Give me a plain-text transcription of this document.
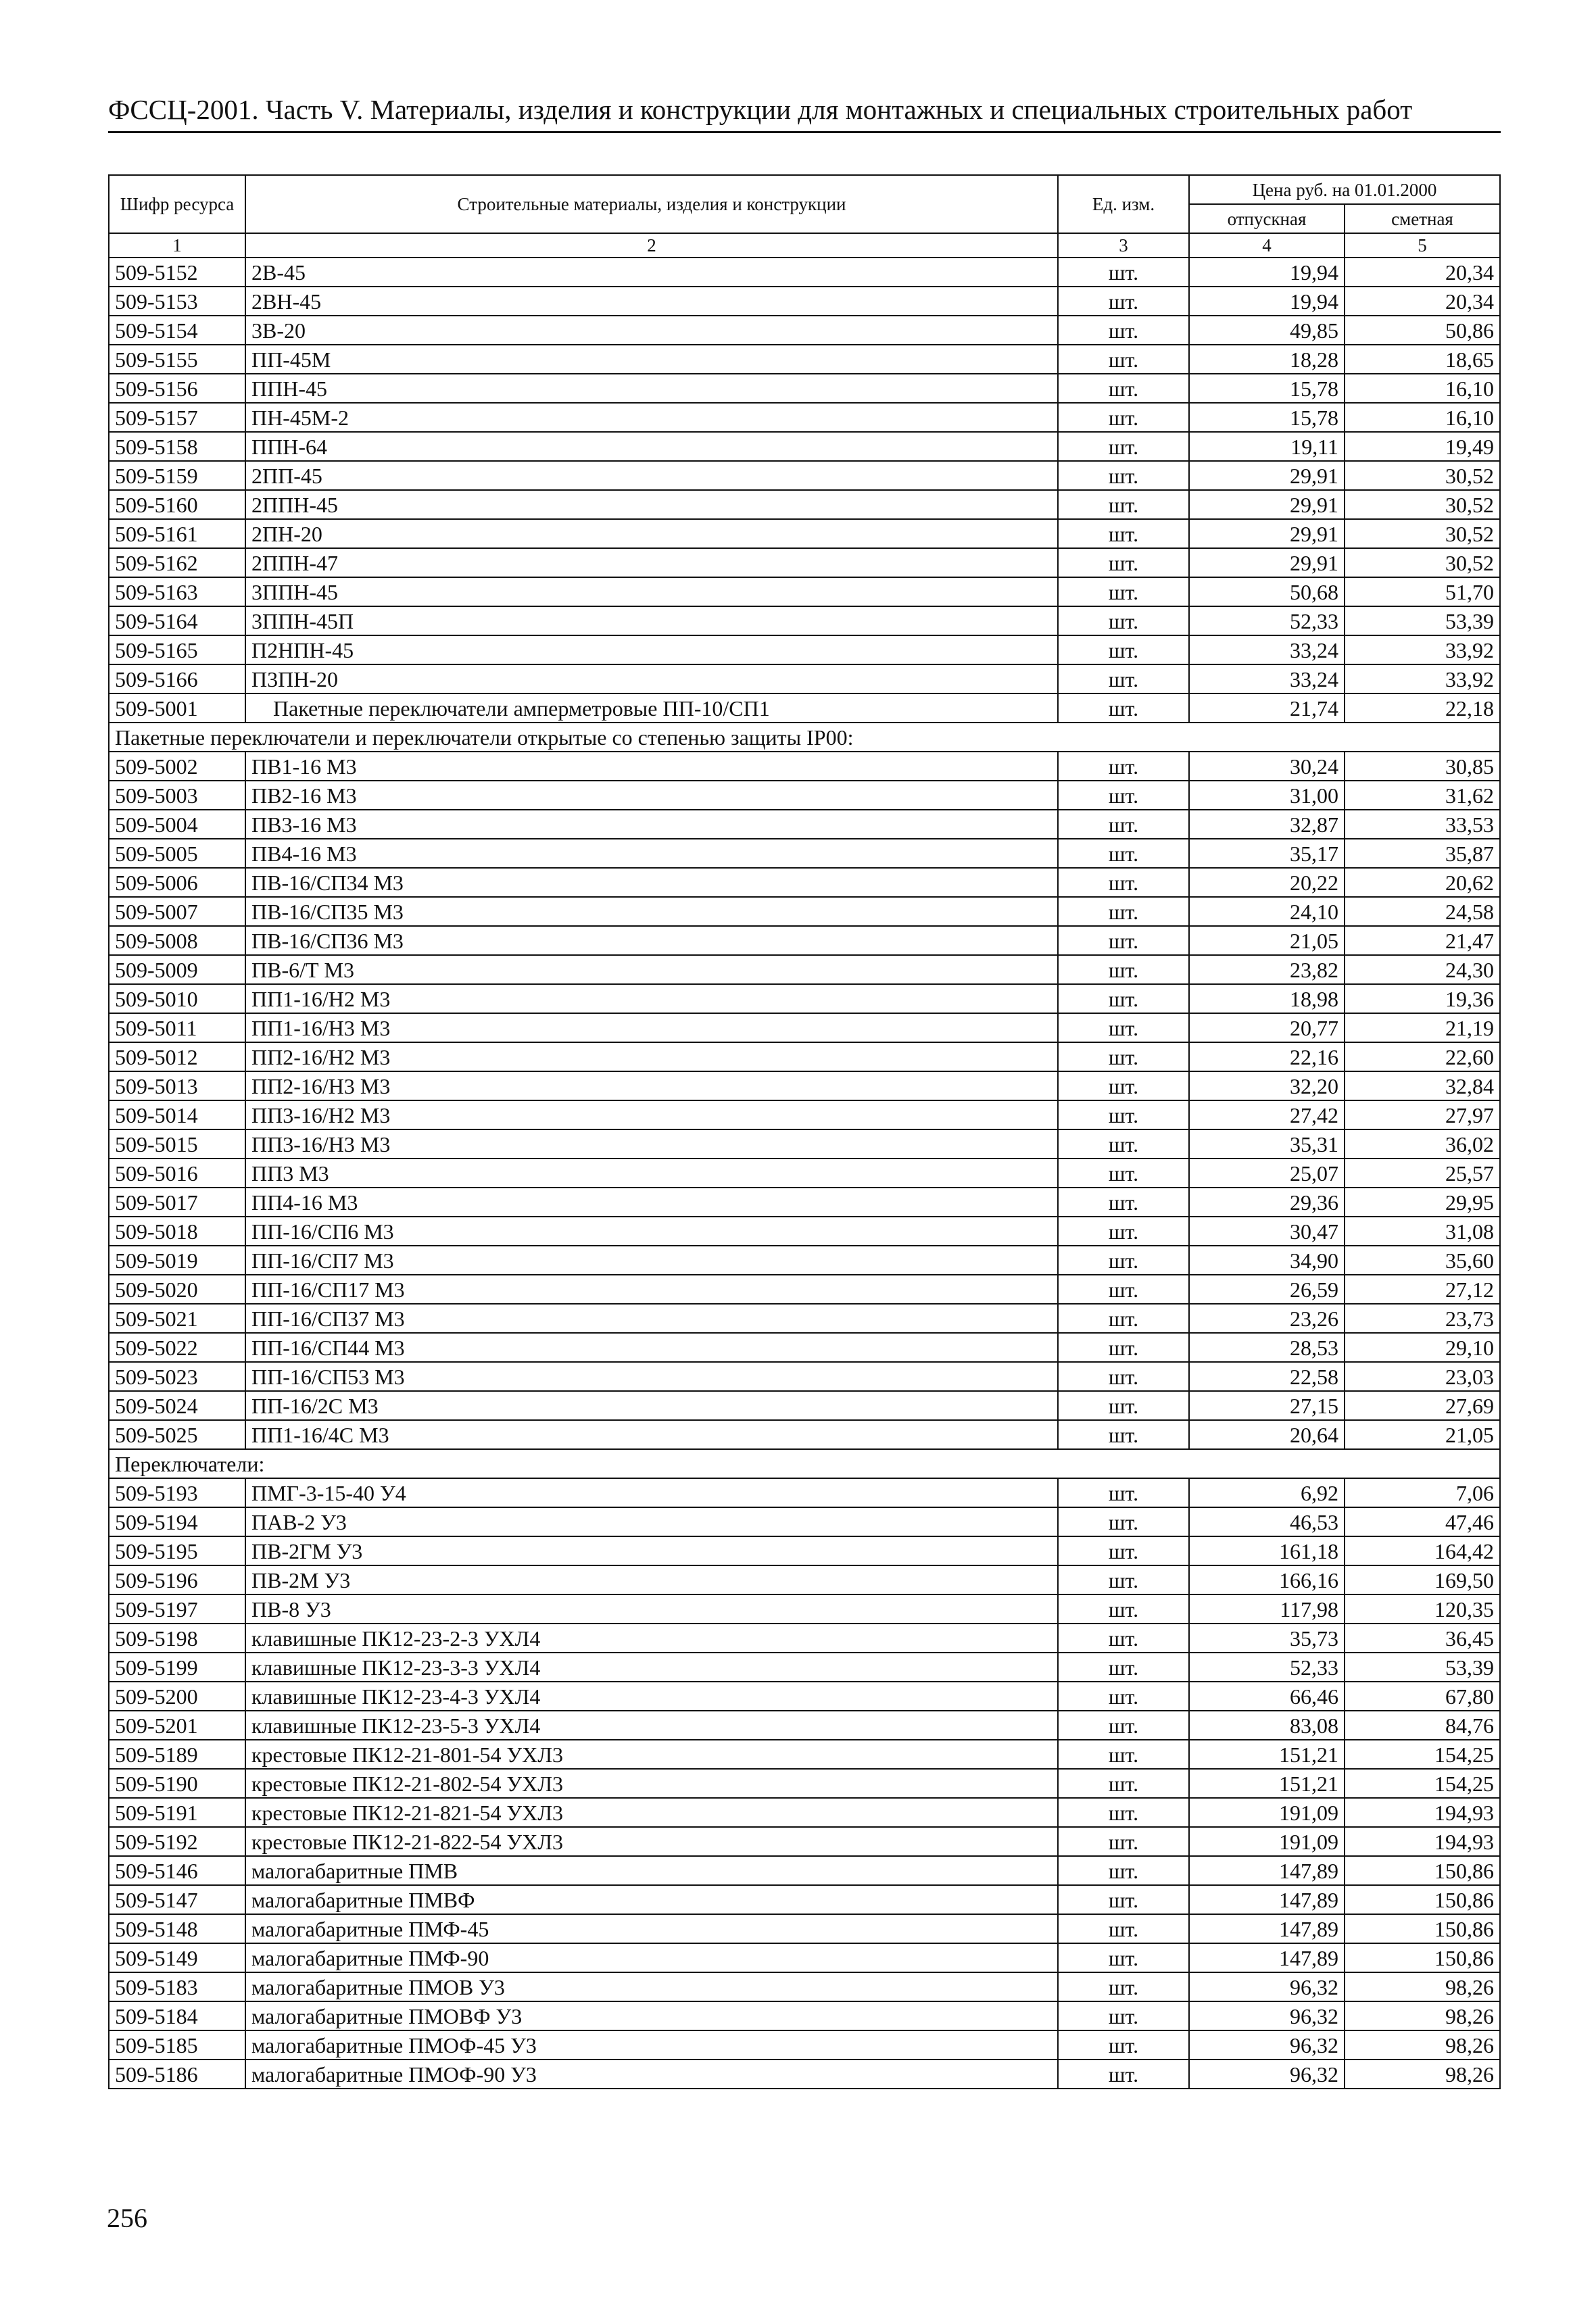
ФССЦ-2001. Часть V. Материалы, изделия и конструкции для монтажных и специальных строительных работ
Шифр ресурса	Строительные материалы, изделия и конструкции	Ед. изм.	Цена руб. на 01.01.2000	
			отпускная	сметная
1	2	3	4	5
509-5152	2В-45	шт.	19,94	20,34
509-5153	2ВН-45	шт.	19,94	20,34
509-5154	3В-20	шт.	49,85	50,86
509-5155	ПП-45М	шт.	18,28	18,65
509-5156	ППН-45	шт.	15,78	16,10
509-5157	ПН-45М-2	шт.	15,78	16,10
509-5158	ППН-64	шт.	19,11	19,49
509-5159	2ПП-45	шт.	29,91	30,52
509-5160	2ППН-45	шт.	29,91	30,52
509-5161	2ПН-20	шт.	29,91	30,52
509-5162	2ППН-47	шт.	29,91	30,52
509-5163	3ППН-45	шт.	50,68	51,70
509-5164	3ППН-45П	шт.	52,33	53,39
509-5165	П2НПН-45	шт.	33,24	33,92
509-5166	П3ПН-20	шт.	33,24	33,92
509-5001	Пакетные переключатели амперметровые ПП-10/СП1	шт.	21,74	22,18
Пакетные переключатели и переключатели открытые со степенью защиты IP00:				
509-5002	ПВ1-16 М3	шт.	30,24	30,85
509-5003	ПВ2-16 М3	шт.	31,00	31,62
509-5004	ПВ3-16 М3	шт.	32,87	33,53
509-5005	ПВ4-16 М3	шт.	35,17	35,87
509-5006	ПВ-16/СП34 М3	шт.	20,22	20,62
509-5007	ПВ-16/СП35 М3	шт.	24,10	24,58
509-5008	ПВ-16/СП36 М3	шт.	21,05	21,47
509-5009	ПВ-6/Т М3	шт.	23,82	24,30
509-5010	ПП1-16/Н2 М3	шт.	18,98	19,36
509-5011	ПП1-16/Н3 М3	шт.	20,77	21,19
509-5012	ПП2-16/Н2 М3	шт.	22,16	22,60
509-5013	ПП2-16/Н3 М3	шт.	32,20	32,84
509-5014	ПП3-16/Н2 М3	шт.	27,42	27,97
509-5015	ПП3-16/Н3 М3	шт.	35,31	36,02
509-5016	ПП3 М3	шт.	25,07	25,57
509-5017	ПП4-16 М3	шт.	29,36	29,95
509-5018	ПП-16/СП6 М3	шт.	30,47	31,08
509-5019	ПП-16/СП7 М3	шт.	34,90	35,60
509-5020	ПП-16/СП17 М3	шт.	26,59	27,12
509-5021	ПП-16/СП37 М3	шт.	23,26	23,73
509-5022	ПП-16/СП44 М3	шт.	28,53	29,10
509-5023	ПП-16/СП53 М3	шт.	22,58	23,03
509-5024	ПП-16/2С М3	шт.	27,15	27,69
509-5025	ПП1-16/4С М3	шт.	20,64	21,05
Переключатели:				
509-5193	ПМГ-3-15-40 У4	шт.	6,92	7,06
509-5194	ПАВ-2 У3	шт.	46,53	47,46
509-5195	ПВ-2ГМ У3	шт.	161,18	164,42
509-5196	ПВ-2М У3	шт.	166,16	169,50
509-5197	ПВ-8 У3	шт.	117,98	120,35
509-5198	клавишные ПК12-23-2-3 УХЛ4	шт.	35,73	36,45
509-5199	клавишные ПК12-23-3-3 УХЛ4	шт.	52,33	53,39
509-5200	клавишные ПК12-23-4-3 УХЛ4	шт.	66,46	67,80
509-5201	клавишные ПК12-23-5-3 УХЛ4	шт.	83,08	84,76
509-5189	крестовые ПК12-21-801-54 УХЛ3	шт.	151,21	154,25
509-5190	крестовые ПК12-21-802-54 УХЛ3	шт.	151,21	154,25
509-5191	крестовые ПК12-21-821-54 УХЛ3	шт.	191,09	194,93
509-5192	крестовые ПК12-21-822-54 УХЛ3	шт.	191,09	194,93
509-5146	малогабаритные ПМВ	шт.	147,89	150,86
509-5147	малогабаритные ПМВФ	шт.	147,89	150,86
509-5148	малогабаритные ПМФ-45	шт.	147,89	150,86
509-5149	малогабаритные ПМФ-90	шт.	147,89	150,86
509-5183	малогабаритные ПМОВ У3	шт.	96,32	98,26
509-5184	малогабаритные ПМОВФ У3	шт.	96,32	98,26
509-5185	малогабаритные ПМОФ-45 У3	шт.	96,32	98,26
509-5186	малогабаритные ПМОФ-90 У3	шт.	96,32	98,26
256
